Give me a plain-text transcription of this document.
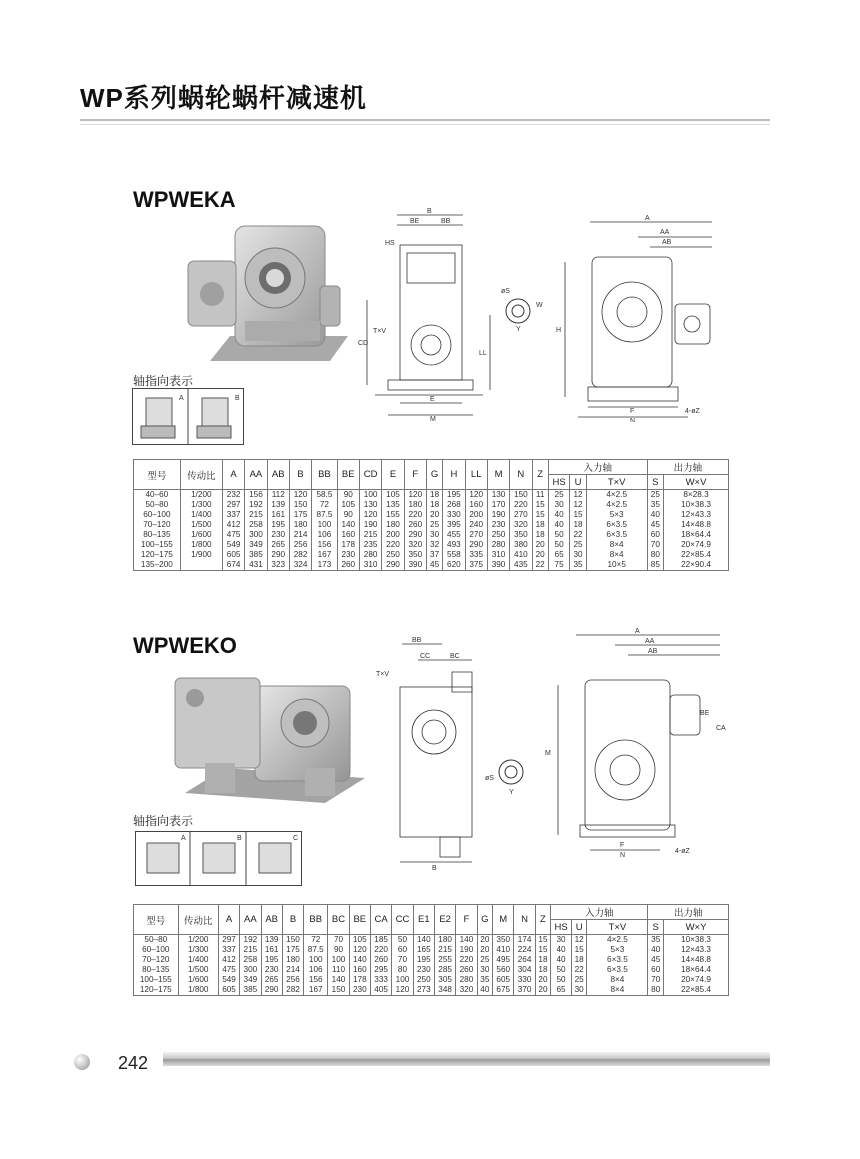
WP系列蜗轮蜗杆减速机
WPWEKA
轴指向表示
A	B
B
BE	BB
HS
CD
LL
E
M
T×V
øS
W
Y
A
AA
AB
H
F
N
4-øZ
型号	传动比	A	AA	AB	B	BB	BE	CD	E	F	G	H	LL	M	N	Z	入力轴			出力轴	
																	HS	U	T×V	S	W×V
40–60	1/200	232	156	112	120	58.5	90	100	105	120	18	195	120	130	150	11	25	12	4×2.5	25	8×28.3
50–80	1/300	297	192	139	150	72	105	130	135	180	18	268	160	170	220	15	30	12	4×2.5	35	10×38.3
60–100	1/400	337	215	161	175	87.5	90	120	155	220	20	330	200	190	270	15	40	15	5×3	40	12×43.3
70–120	1/500	412	258	195	180	100	140	190	180	260	25	395	240	230	320	18	40	18	6×3.5	45	14×48.8
80–135	1/600	475	300	230	214	106	160	215	200	290	30	455	270	250	350	18	50	22	6×3.5	60	18×64.4
100–155	1/800	549	349	265	256	156	178	235	220	320	32	493	290	280	380	20	50	25	8×4	70	20×74.9
120–175	1/900	605	385	290	282	167	230	280	250	350	37	558	335	310	410	20	65	30	8×4	80	22×85.4
135–200		674	431	323	324	173	260	310	290	390	45	620	375	390	435	22	75	35	10×5	85	22×90.4
WPWEKO
轴指向表示
A	B	C
BB
CC	BC
T×V
B
øS
Y
A
AA
AB
M
BE
CA
F
N
4-øZ
型号	传动比	A	AA	AB	B	BB	BC	BE	CA	CC	E1	E2	F	G	M	N	Z	入力轴			出力轴	
																		HS	U	T×V	S	W×Y
50–80	1/200	297	192	139	150	72	70	105	185	50	140	180	140	20	350	174	15	30	12	4×2.5	35	10×38.3
60–100	1/300	337	215	161	175	87.5	90	120	220	60	165	215	190	20	410	224	15	40	15	5×3	40	12×43.3
70–120	1/400	412	258	195	180	100	100	140	260	70	195	255	220	25	495	264	18	40	18	6×3.5	45	14×48.8
80–135	1/500	475	300	230	214	106	110	160	295	80	230	285	260	30	560	304	18	50	22	6×3.5	60	18×64.4
100–155	1/600	549	349	265	256	156	140	178	333	100	250	305	280	35	605	330	20	50	25	8×4	70	20×74.9
120–175	1/800	605	385	290	282	167	150	230	405	120	273	348	320	40	675	370	20	65	30	8×4	80	22×85.4
242
